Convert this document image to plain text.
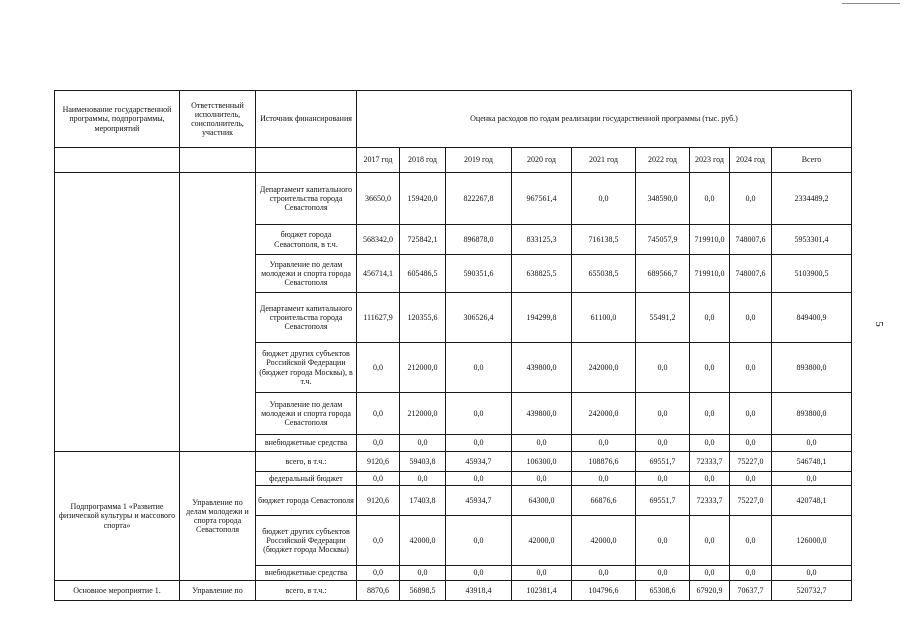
5
Наименование государственной программы, подпрограммы, мероприятий	Ответственный исполнитель, соисполнитель, участник	Источник финансирования	Оценка расходов по годам реализации государственной программы (тыс. руб.)								
			2017 год	2018 год	2019 год	2020 год	2021 год	2022 год	2023 год	2024 год	Всего
		Департамент капитального строительства города Севастополя	36650,0	159420,0	822267,8	967561,4	0,0	348590,0	0,0	0,0	2334489,2
		бюджет города Севастополя, в т.ч.	568342,0	725842,1	896878,0	833125,3	716138,5	745057,9	719910,0	748007,6	5953301,4
		Управление по делам молодежи и спорта города Севастополя	456714,1	605486,5	590351,6	638825,5	655038,5	689566,7	719910,0	748007,6	5103900,5
		Департамент капитального строительства города Севастополя	111627,9	120355,6	306526,4	194299,8	61100,0	55491,2	0,0	0,0	849400,9
		бюджет других субъектов Российской Федерации (бюджет города Москвы), в т.ч.	0,0	212000,0	0,0	439800,0	242000,0	0,0	0,0	0,0	893800,0
		Управление по делам молодежи и спорта города Севастополя	0,0	212000,0	0,0	439800,0	242000,0	0,0	0,0	0,0	893800,0
		внебюджетные средства	0,0	0,0	0,0	0,0	0,0	0,0	0,0	0,0	0,0
Подпрограмма 1 «Развитие физической культуры и массового спорта»	Управление по делам молодежи и спорта города Севастополя	всего, в т.ч.:	9120,6	59403,8	45934,7	106300,0	108876,6	69551,7	72333,7	75227,0	546748,1
		федеральный бюджет	0,0	0,0	0,0	0,0	0,0	0,0	0,0	0,0	0,0
		бюджет города Севастополя	9120,6	17403,8	45934,7	64300,0	66876,6	69551,7	72333,7	75227,0	420748,1
		бюджет других субъектов Российской Федерации (бюджет города Москвы)	0,0	42000,0	0,0	42000,0	42000,0	0,0	0,0	0,0	126000,0
		внебюджетные средства	0,0	0,0	0,0	0,0	0,0	0,0	0,0	0,0	0,0
Основное мероприятие 1.	Управление по	всего, в т.ч.:	8870,6	56898,5	43918,4	102381,4	104796,6	65308,6	67920,9	70637,7	520732,7
